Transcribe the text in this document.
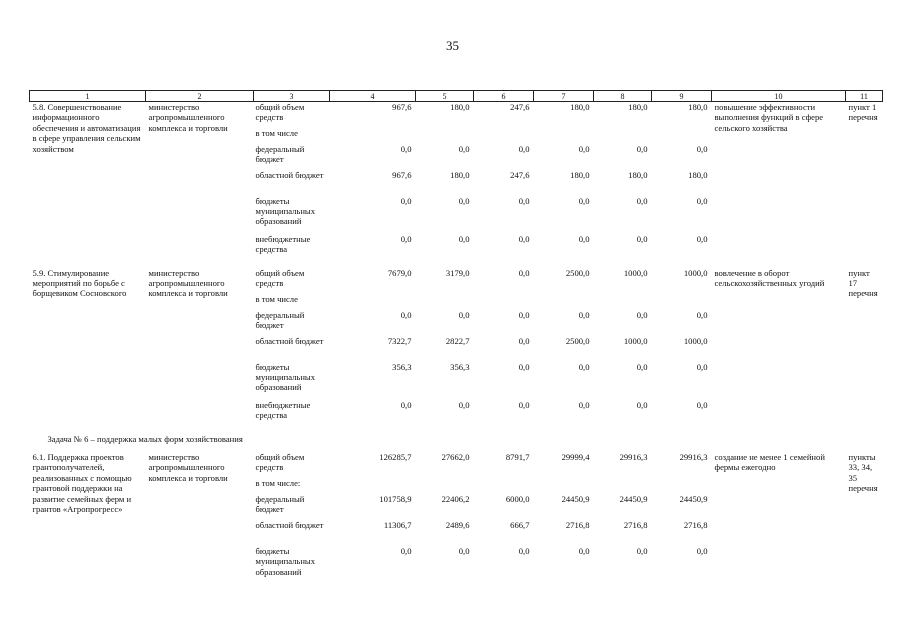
35
1	2	3	4	5	6	7	8	9	10	11
5.8. Совершенствование информационного обеспечения и автоматизация в сфере управления сельским хозяйством	министерство агропромышленного комплекса и торговли	общий объем средств	967,6	180,0	247,6	180,0	180,0	180,0	повышение эффективности выполнения функций в сфере сельского хозяйства	пункт 1 перечня
		в том числе								
		федеральный бюджет	0,0	0,0	0,0	0,0	0,0	0,0		
		областной бюджет	967,6	180,0	247,6	180,0	180,0	180,0		
		бюджеты муниципальных образований	0,0	0,0	0,0	0,0	0,0	0,0		
		внебюджетные средства	0,0	0,0	0,0	0,0	0,0	0,0		

5.9. Стимулирование мероприятий по борьбе с борщевиком Сосновского	министерство агропромышленного комплекса и торговли	общий объем средств	7679,0	3179,0	0,0	2500,0	1000,0	1000,0	вовлечение в оборот сельскохозяйственных угодий	пункт 17 перечня
		в том числе								
		федеральный бюджет	0,0	0,0	0,0	0,0	0,0	0,0		
		областной бюджет	7322,7	2822,7	0,0	2500,0	1000,0	1000,0		
		бюджеты муниципальных образований	356,3	356,3	0,0	0,0	0,0	0,0		
		внебюджетные средства	0,0	0,0	0,0	0,0	0,0	0,0		
Задача № 6 – поддержка малых форм хозяйствования										
6.1. Поддержка проектов грантополучателей, реализованных с помощью грантовой поддержки на развитие семейных ферм и грантов «Агропрогресс»	министерство агропромышленного комплекса и торговли	общий объем средств	126285,7	27662,0	8791,7	29999,4	29916,3	29916,3	создание не менее 1 семейной фермы ежегодно	пункты 33, 34, 35 перечня
		в том числе:								
		федеральный бюджет	101758,9	22406,2	6000,0	24450,9	24450,9	24450,9		
		областной бюджет	11306,7	2489,6	666,7	2716,8	2716,8	2716,8		
		бюджеты муниципальных образований	0,0	0,0	0,0	0,0	0,0	0,0		
